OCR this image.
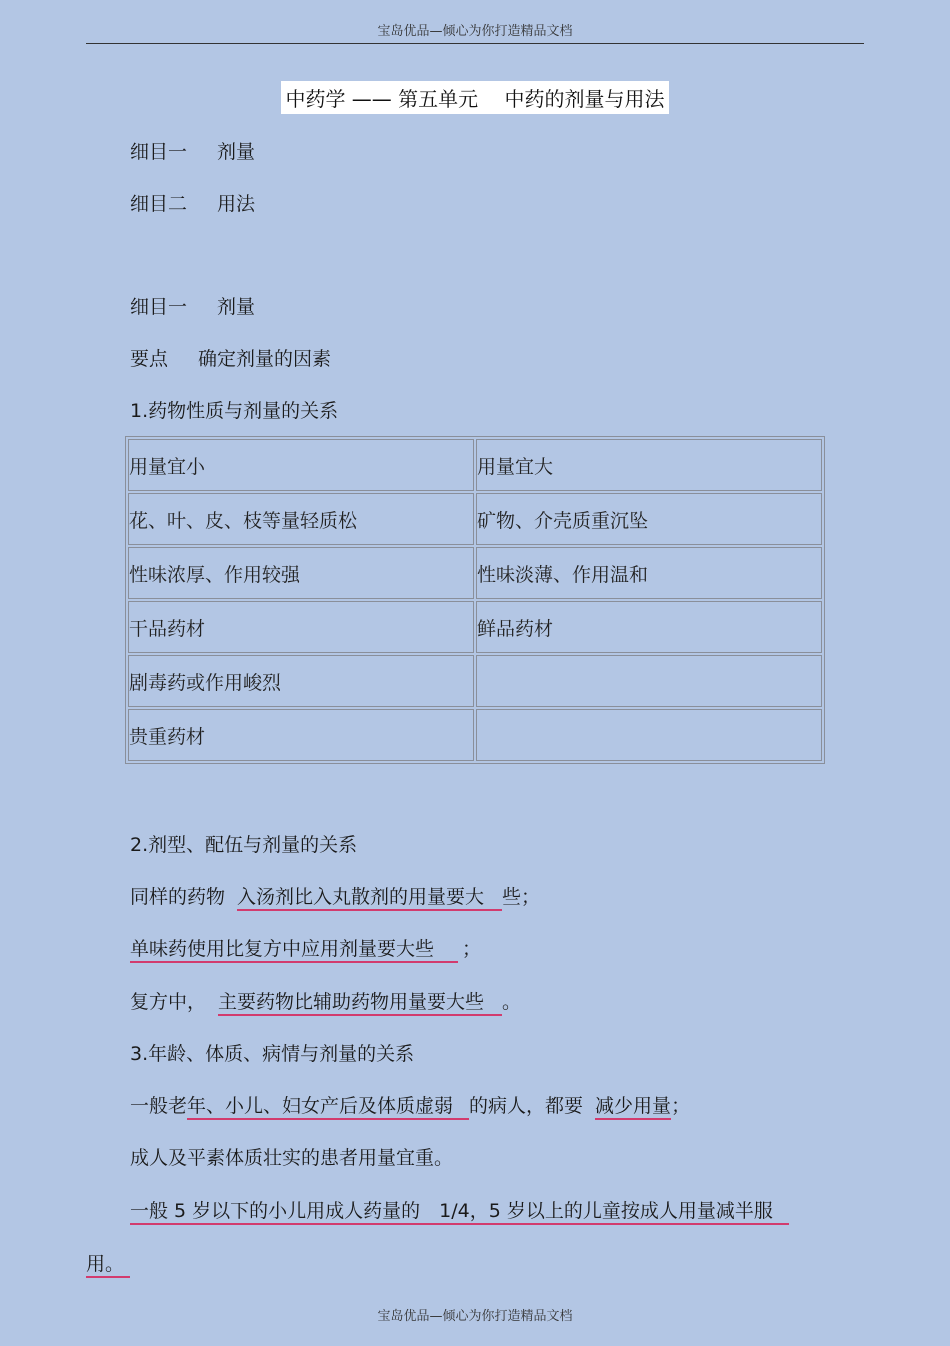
宝岛优品—倾心为你打造精品文档
中药学 —— 第五单元　 中药的剂量与用法
细目一 剂量
细目二 用法
细目一 剂量
要点 确定剂量的因素
1.药物性质与剂量的关系
用量宜小	用量宜大
花、叶、皮、枝等量轻质松	矿物、介壳质重沉坠
性味浓厚、作用较强	性味淡薄、作用温和
干品药材	鲜品药材
剧毒药或作用峻烈	
贵重药材	
2.剂型、配伍与剂量的关系
同样的药物 入汤剂比入丸散剂的用量要大 些；
单味药使用比复方中应用剂量要大些 ；
复方中， 主要药物比辅助药物用量要大些 。
3.年龄、体质、病情与剂量的关系
一般老年、小儿、妇女产后及体质虚弱 的病人，都要 减少用量；
成人及平素体质壮实的患者用量宜重。
一般 5 岁以下的小儿用成人药量的　1/4，5 岁以上的儿童按成人用量减半服
用。
宝岛优品—倾心为你打造精品文档
